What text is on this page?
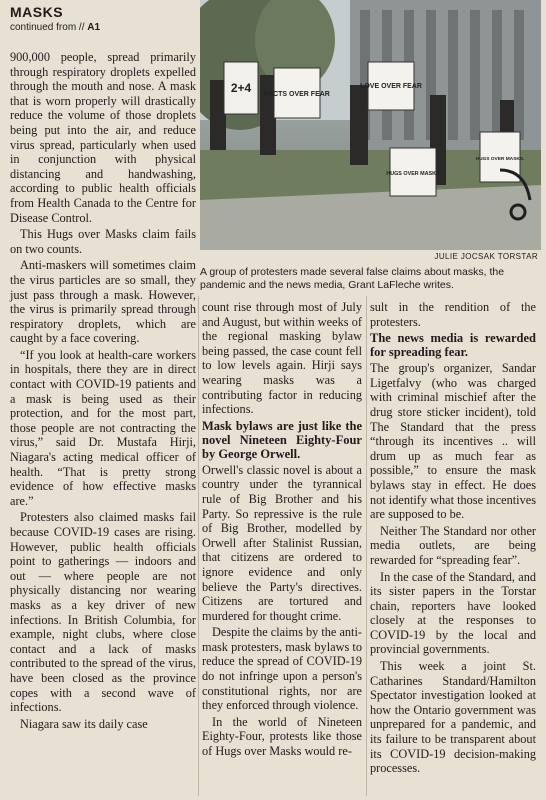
MASKS
continued from // A1
2+4 FACTS OVER FEAR
LOVE OVER FEAR
HUGS OVER MASKS
HUGS OVER MASKS.
JULIE JOCSAK TORSTAR
A group of protesters made several false claims about masks, the pandemic and the news media, Grant LaFleche writes.

900,000 people, spread primarily through respiratory droplets expelled through the mouth and nose. A mask that is worn properly will drastically reduce the volume of those droplets being put into the air, and reduce virus spread, particularly when used in conjunction with physical distancing and handwashing, according to public health officials from Health Canada to the Centre for Disease Control.

This Hugs over Masks claim fails on two counts.

Anti-maskers will sometimes claim the virus particles are so small, they just pass through a mask. However, the virus is primarily spread through respiratory droplets, which are caught by a face covering.

“If you look at health-care workers in hospitals, there they are in direct contact with COVID-19 patients and a mask is being used as their protection, and for the most part, those people are not contracting the virus,” said Dr. Mustafa Hirji, Niagara's acting medical officer of health. “That is pretty strong evidence of how effective masks are.”

Protesters also claimed masks fail because COVID-19 cases are rising. However, public health officials point to gatherings — indoors and out — where people are not physically distancing nor wearing masks as a key driver of new infections. In British Columbia, for example, night clubs, where close contact and a lack of masks contributed to the spread of the virus, have been closed as the province copes with a second wave of infections.

Niagara saw its daily case

count rise through most of July and August, but within weeks of the regional masking bylaw being passed, the case count fell to low levels again. Hirji says wearing masks was a contributing factor in reducing infections.

Mask bylaws are just like the novel Nineteen Eighty-Four by George Orwell.

Orwell's classic novel is about a country under the tyrannical rule of Big Brother and his Party. So repressive is the rule of Big Brother, modelled by Orwell after Stalinist Russian, that citizens are ordered to ignore evidence and only believe the Party's directives. Citizens are tortured and murdered for thought crime.

Despite the claims by the anti-mask protesters, mask bylaws to reduce the spread of COVID-19 do not infringe upon a person's constitutional rights, nor are they enforced through violence.

In the world of Nineteen Eighty-Four, protests like those of Hugs over Masks would re-

sult in the rendition of the protesters.

The news media is rewarded for spreading fear.

The group's organizer, Sandar Ligetfalvy (who was charged with criminal mischief after the drug store sticker incident), told The Standard that the press “through its incentives .. will drum up as much fear as possible,” to ensure the mask bylaws stay in effect. He does not identify what those incentives are supposed to be.

Neither The Standard nor other media outlets, are being rewarded for “spreading fear”.

In the case of the Standard, and its sister papers in the Torstar chain, reporters have looked closely at the responses to COVID-19 by the local and provincial governments.

This week a joint St. Catharines Standard/Hamilton Spectator investigation looked at how the Ontario government was unprepared for a pandemic, and its failure to be transparent about its COVID-19 decision-making processes.
